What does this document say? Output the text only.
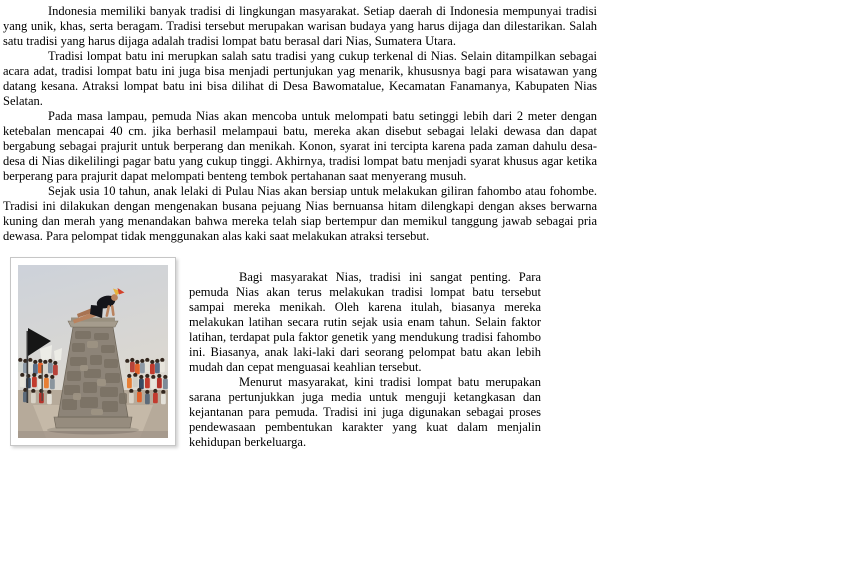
Indonesia memiliki banyak tradisi di lingkungan masyarakat. Setiap daerah di Indonesia mempunyai tradisi yang unik, khas, serta beragam. Tradisi tersebut merupakan warisan budaya yang harus dijaga dan dilestarikan. Salah satu tradisi yang harus dijaga adalah tradisi lompat batu berasal dari Nias, Sumatera Utara.

Tradisi lompat batu ini merupkan salah satu tradisi yang cukup terkenal di Nias. Selain ditampilkan sebagai acara adat, tradisi lompat batu ini juga bisa menjadi pertunjukan yag menarik, khususnya bagi para wisatawan yang datang kesana. Atraksi lompat batu ini bisa dilihat di Desa Bawomatalue, Kecamatan Fanamanya, Kabupaten Nias Selatan.

Pada masa lampau, pemuda Nias akan mencoba untuk melompati batu setinggi lebih dari 2 meter dengan ketebalan mencapai 40 cm. jika berhasil melampaui batu, mereka akan disebut sebagai lelaki dewasa dan dapat bergabung sebagai prajurit untuk berperang dan menikah. Konon, syarat ini tercipta karena pada zaman dahulu desa-desa di Nias dikelilingi pagar batu yang cukup tinggi. Akhirnya, tradisi lompat batu menjadi syarat khusus agar ketika berperang para prajurit dapat melompati benteng tembok pertahanan saat menyerang musuh.

Sejak usia 10 tahun, anak lelaki di Pulau Nias akan bersiap untuk melakukan giliran fahombo atau fohombe. Tradisi ini dilakukan dengan mengenakan busana pejuang Nias bernuansa hitam dilengkapi dengan akses berwarna kuning dan merah yang menandakan bahwa mereka telah siap bertempur dan memikul tanggung jawab sebagai pria dewasa. Para pelompat tidak menggunakan alas kaki saat melakukan atraksi tersebut.

Bagi masyarakat Nias, tradisi ini sangat penting. Para pemuda Nias akan terus melakukan tradisi lompat batu tersebut sampai mereka menikah. Oleh karena itulah, biasanya mereka melakukan latihan secara rutin sejak usia enam tahun. Selain faktor latihan, terdapat pula faktor genetik yang mendukung tradisi fahombo ini. Biasanya, anak laki-laki dari seorang pelompat batu akan lebih mudah dan cepat menguasai keahlian tersebut.

Menurut masyarakat, kini tradisi lompat batu merupakan sarana pertunjukkan juga media untuk menguji ketangkasan dan kejantanan para pemuda. Tradisi ini juga digunakan sebagai proses pendewasaan pembentukan karakter yang kuat dalam menjalin kehidupan berkeluarga.
